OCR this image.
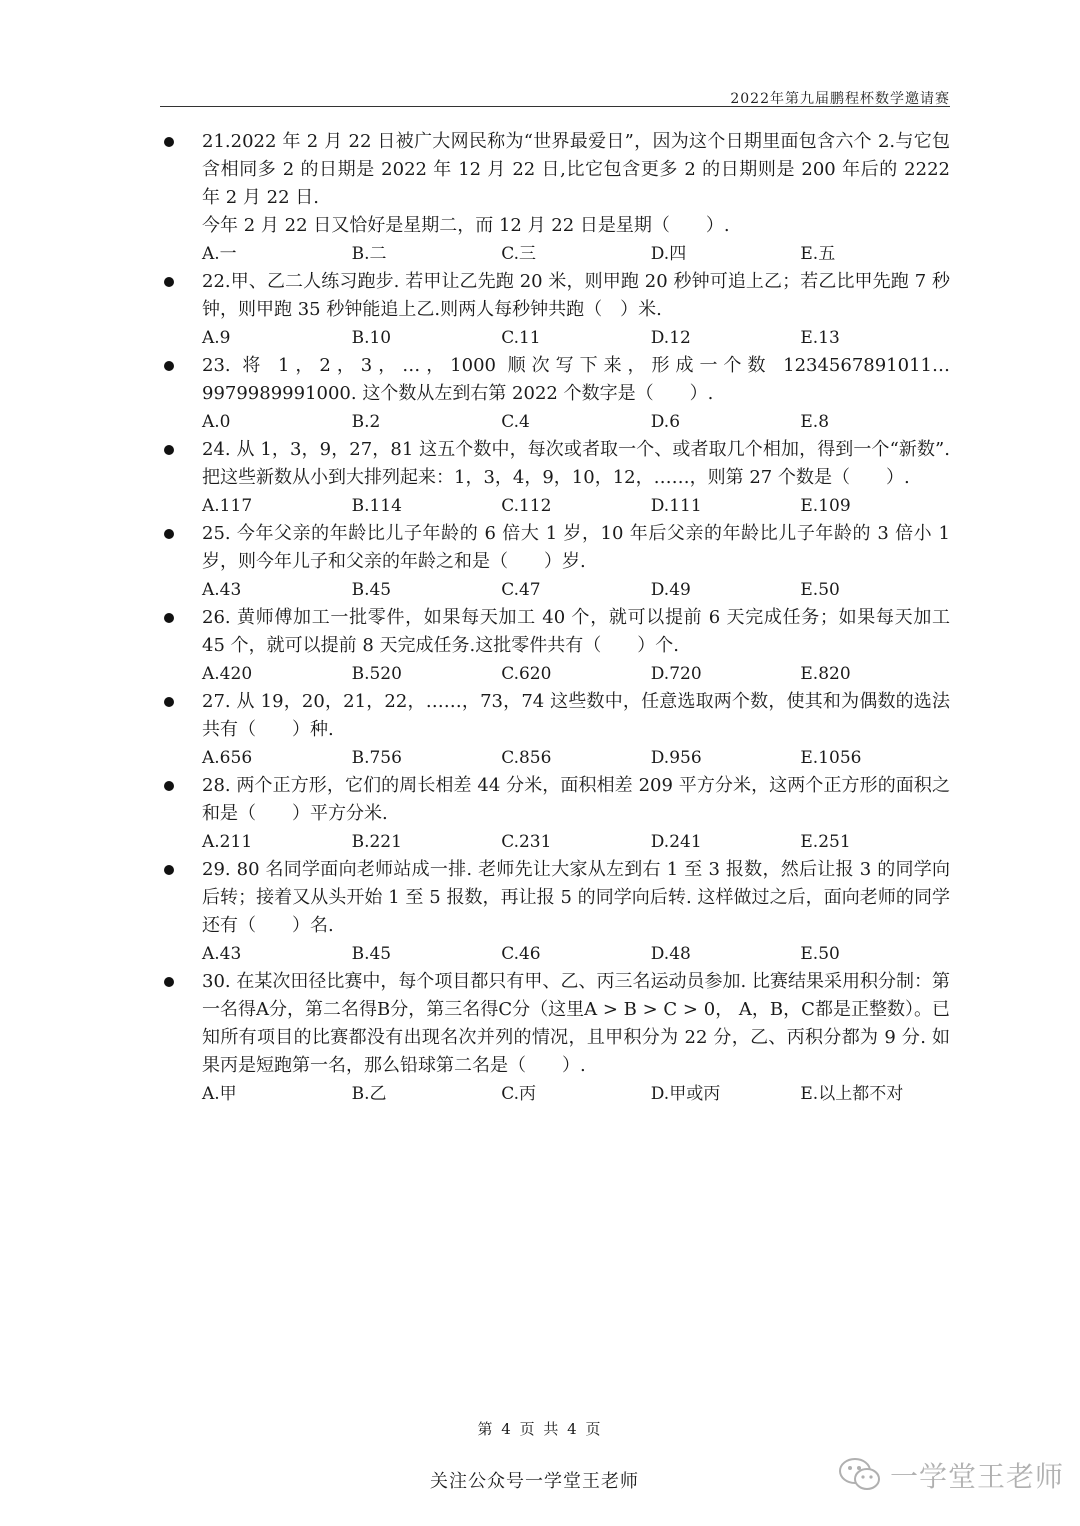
2022年第九届鹏程杯数学邀请赛
21.2022 年 2 月 22 日被广大网民称为“世界最爱日”，因为这个日期里面包含六个 2.与它包含相同多 2 的日期是 2022 年 12 月 22 日,比它包含更多 2 的日期则是 200 年后的 2222 年 2 月 22 日.
今年 2 月 22 日又恰好是星期二，而 12 月 22 日是星期（　　）.
A.一	B.二	C.三	D.四	E.五
22.甲、乙二人练习跑步. 若甲让乙先跑 20 米，则甲跑 20 秒钟可追上乙；若乙比甲先跑 7 秒钟，则甲跑 35 秒钟能追上乙.则两人每秒钟共跑（　）米.
A.9	B.10	C.11	D.12	E.13
23. 将 1，2，3，…，1000 顺次写下来，形成一个数 1234567891011…9979989991000. 这个数从左到右第 2022 个数字是（　　）.
A.0	B.2	C.4	D.6	E.8
24. 从 1，3，9，27，81 这五个数中，每次或者取一个、或者取几个相加，得到一个“新数”.把这些新数从小到大排列起来：1，3，4，9，10，12，……，则第 27 个数是（　　）.
A.117	B.114	C.112	D.111	E.109
25. 今年父亲的年龄比儿子年龄的 6 倍大 1 岁，10 年后父亲的年龄比儿子年龄的 3 倍小 1 岁，则今年儿子和父亲的年龄之和是（　　）岁.
A.43	B.45	C.47	D.49	E.50
26. 黄师傅加工一批零件，如果每天加工 40 个，就可以提前 6 天完成任务；如果每天加工 45 个，就可以提前 8 天完成任务.这批零件共有（　　）个.
A.420	B.520	C.620	D.720	E.820
27. 从 19，20，21，22，……，73，74 这些数中，任意选取两个数，使其和为偶数的选法共有（　　）种.
A.656	B.756	C.856	D.956	E.1056
28. 两个正方形，它们的周长相差 44 分米，面积相差 209 平方分米，这两个正方形的面积之和是（　　）平方分米.
A.211	B.221	C.231	D.241	E.251
29. 80 名同学面向老师站成一排. 老师先让大家从左到右 1 至 3 报数，然后让报 3 的同学向后转；接着又从头开始 1 至 5 报数，再让报 5 的同学向后转. 这样做过之后，面向老师的同学还有（　　）名.
A.43	B.45	C.46	D.48	E.50
30. 在某次田径比赛中，每个项目都只有甲、乙、丙三名运动员参加. 比赛结果采用积分制：第一名得A分，第二名得B分，第三名得C分（这里A > B > C > 0， A，B，C都是正整数）。已知所有项目的比赛都没有出现名次并列的情况，且甲积分为 22 分，乙、丙积分都为 9 分. 如果丙是短跑第一名，那么铅球第二名是（　　）.
A.甲	B.乙	C.丙	D.甲或丙	E.以上都不对
第 4 页 共 4 页
关注公众号一学堂王老师	一学堂王老师
